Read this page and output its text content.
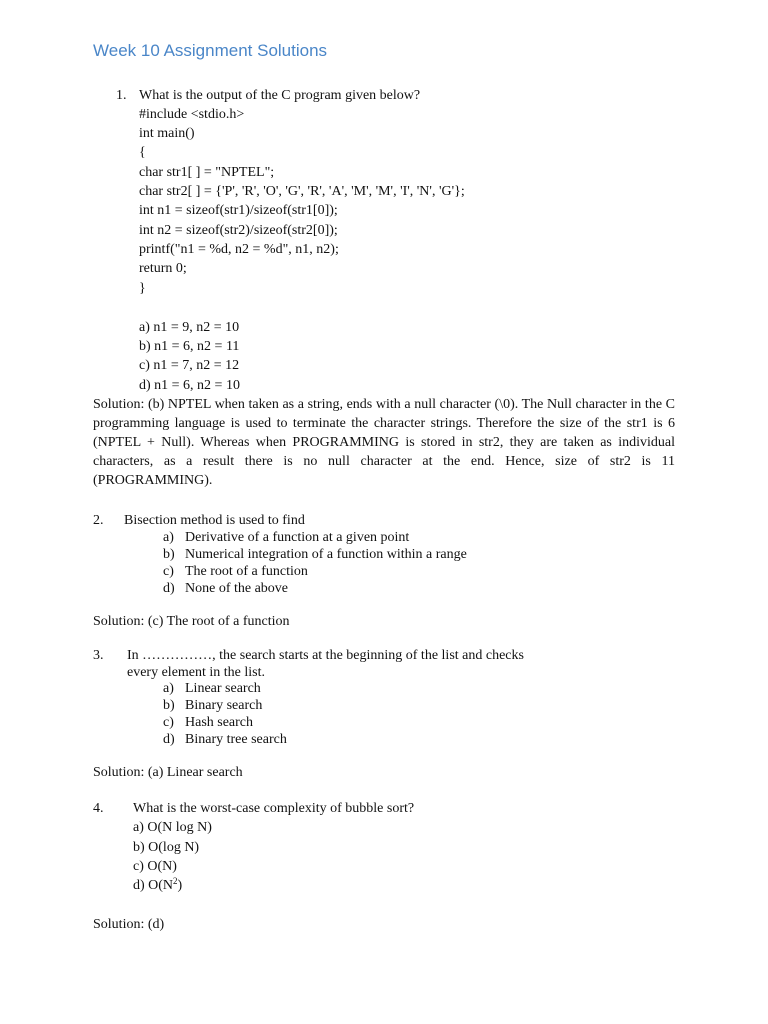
Week 10 Assignment Solutions
1. What is the output of the C program given below?
#include <stdio.h>
int main()
{
char str1[ ] = "NPTEL";
char str2[ ] = {'P', 'R', 'O', 'G', 'R', 'A', 'M', 'M', 'I', 'N', 'G'};
int n1 = sizeof(str1)/sizeof(str1[0]);
int n2 = sizeof(str2)/sizeof(str2[0]);
printf("n1 = %d, n2 = %d", n1, n2);
return 0;
}
a) n1 = 9, n2 = 10
b) n1 = 6, n2 = 11
c) n1 = 7, n2 = 12
d) n1 = 6, n2 = 10
Solution: (b) NPTEL when taken as a string, ends with a null character (\0). The Null character in the C programming language is used to terminate the character strings. Therefore the size of the str1 is 6 (NPTEL + Null). Whereas when PROGRAMMING is stored in str2, they are taken as individual characters, as a result there is no null character at the end. Hence, size of str2 is 11 (PROGRAMMING).
2. Bisection method is used to find
a) Derivative of a function at a given point
b) Numerical integration of a function within a range
c) The root of a function
d) None of the above
Solution: (c) The root of a function
3. In ……………, the search starts at the beginning of the list and checks
every element in the list.
a) Linear search
b) Binary search
c) Hash search
d) Binary tree search
Solution: (a) Linear search
4. What is the worst-case complexity of bubble sort?
a) O(N log N)
b) O(log N)
c) O(N)
d) $O(N^2)$
Solution: (d)
